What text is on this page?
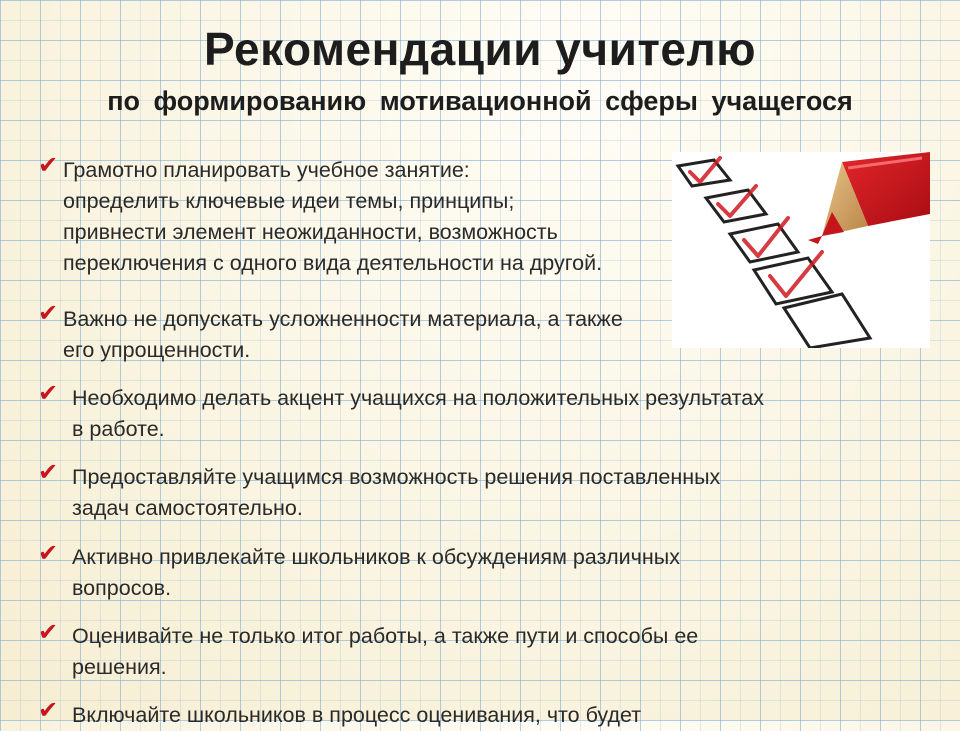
Рекомендации учителю
по формированию мотивационной сферы учащегося
✔ Грамотно планировать учебное занятие:
определить ключевые идеи темы, принципы;
привнести элемент неожиданности, возможность
переключения с одного вида деятельности на другой.
✔ Важно не допускать усложненности материала, а также
его упрощенности.
✔ Необходимо делать акцент учащихся на положительных результатах
в работе.
✔ Предоставляйте учащимся возможность решения поставленных
задач самостоятельно.
✔ Активно привлекайте школьников к обсуждениям различных
вопросов.
✔ Оценивайте не только итог работы, а также пути и способы ее
решения.
✔ Включайте школьников в процесс оценивания, что будет
